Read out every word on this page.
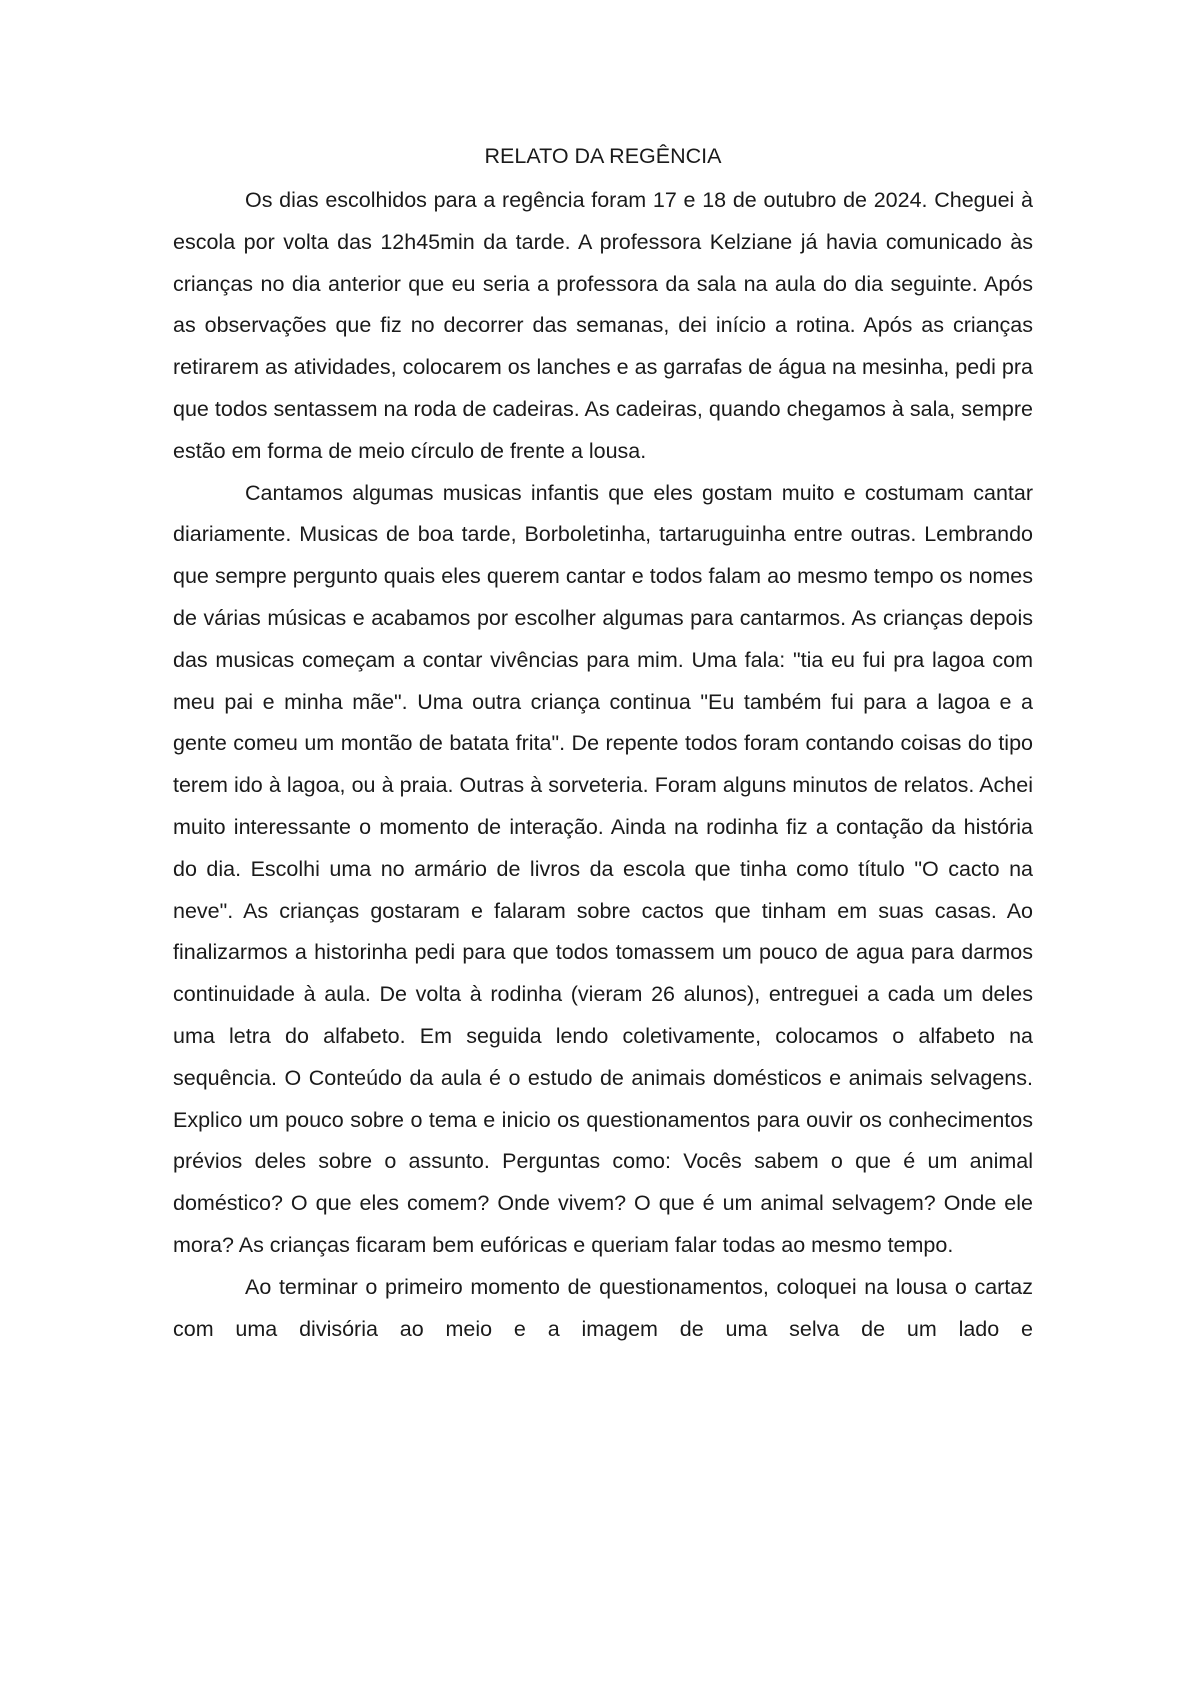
RELATO DA REGÊNCIA

Os dias escolhidos para a regência foram 17 e 18 de outubro de 2024. Cheguei à escola por volta das 12h45min da tarde. A professora Kelziane já havia comunicado às crianças no dia anterior que eu seria a professora da sala na aula do dia seguinte. Após as observações que fiz no decorrer das semanas, dei início a rotina. Após as crianças retirarem as atividades, colocarem os lanches e as garrafas de água na mesinha, pedi pra que todos sentassem na roda de cadeiras. As cadeiras, quando chegamos à sala, sempre estão em forma de meio círculo de frente a lousa.

Cantamos algumas musicas infantis que eles gostam muito e costumam cantar diariamente. Musicas de boa tarde, Borboletinha, tartaruguinha entre outras. Lembrando que sempre pergunto quais eles querem cantar e todos falam ao mesmo tempo os nomes de várias músicas e acabamos por escolher algumas para cantarmos. As crianças depois das musicas começam a contar vivências para mim. Uma fala: "tia eu fui pra lagoa com meu pai e minha mãe". Uma outra criança continua "Eu também fui para a lagoa e a gente comeu um montão de batata frita". De repente todos foram contando coisas do tipo terem ido à lagoa, ou à praia. Outras à sorveteria. Foram alguns minutos de relatos. Achei muito interessante o momento de interação. Ainda na rodinha fiz a contação da história do dia. Escolhi uma no armário de livros da escola que tinha como título "O cacto na neve". As crianças gostaram e falaram sobre cactos que tinham em suas casas. Ao finalizarmos a historinha pedi para que todos tomassem um pouco de agua para darmos continuidade à aula. De volta à rodinha (vieram 26 alunos), entreguei a cada um deles uma letra do alfabeto. Em seguida lendo coletivamente, colocamos o alfabeto na sequência. O Conteúdo da aula é o estudo de animais domésticos e animais selvagens. Explico um pouco sobre o tema e inicio os questionamentos para ouvir os conhecimentos prévios deles sobre o assunto. Perguntas como: Vocês sabem o que é um animal doméstico? O que eles comem? Onde vivem? O que é um animal selvagem? Onde ele mora? As crianças ficaram bem eufóricas e queriam falar todas ao mesmo tempo.

Ao terminar o primeiro momento de questionamentos, coloquei na lousa o cartaz com uma divisória ao meio e a imagem de uma selva de um lado e
